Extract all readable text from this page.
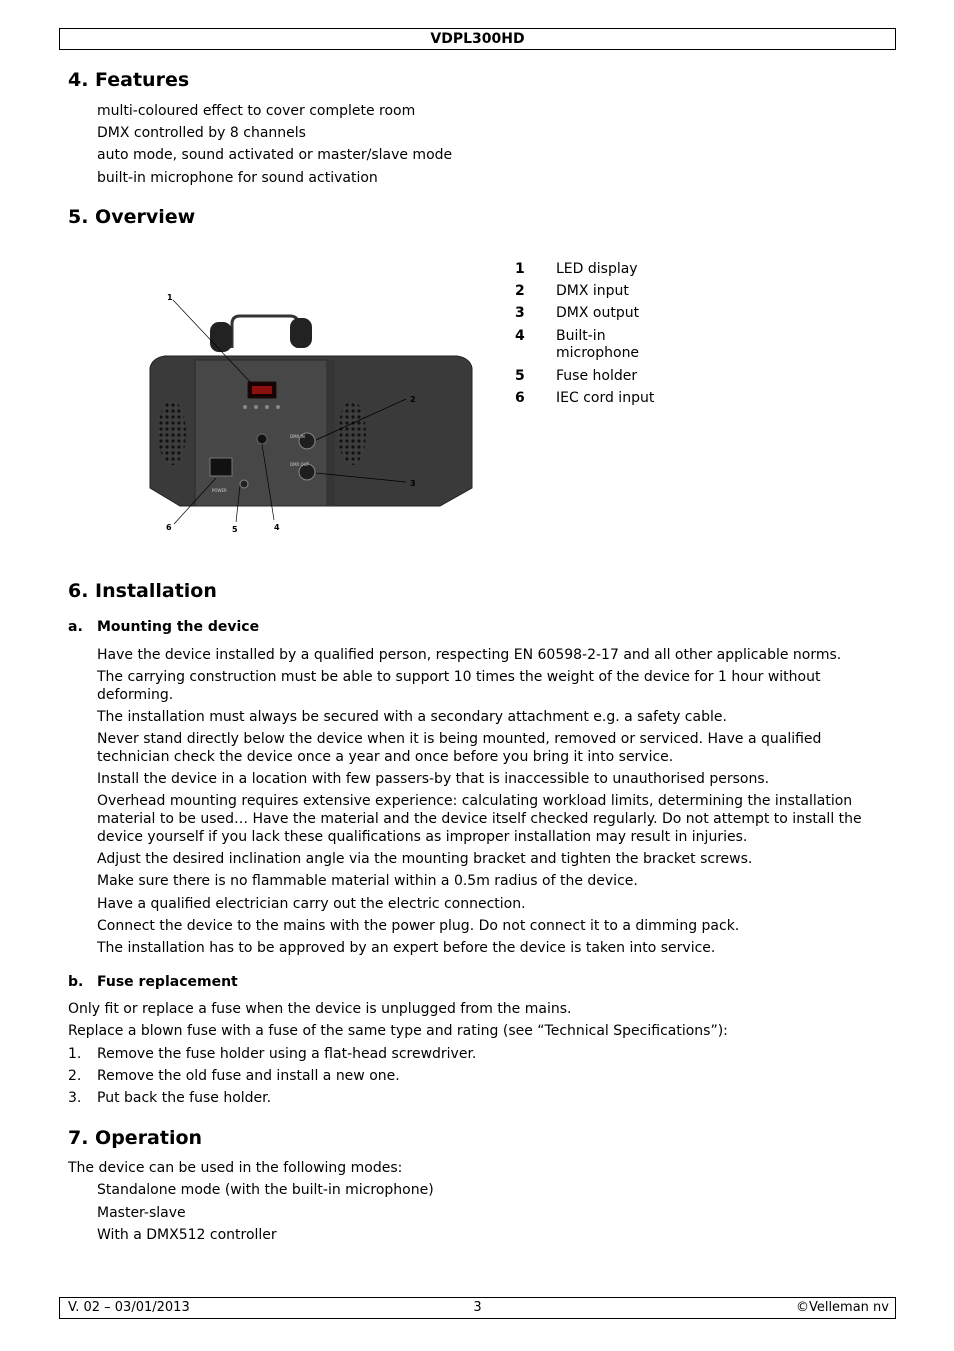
VDPL300HD
4. Features
multi-coloured effect to cover complete room
DMX controlled by 8 channels
auto mode, sound activated or master/slave mode
built-in microphone for sound activation
5. Overview
DMX IN
DMX OUT
POWER
1
2
3
4
5
6
1 LED display
2 DMX input
3 DMX output
4 Built-in microphone
5 Fuse holder
6 IEC cord input
6. Installation
a. Mounting the device
Have the device installed by a qualified person, respecting EN 60598-2-17 and all other applicable norms.
The carrying construction must be able to support 10 times the weight of the device for 1 hour without deforming.
The installation must always be secured with a secondary attachment e.g. a safety cable.
Never stand directly below the device when it is being mounted, removed or serviced. Have a qualified technician check the device once a year and once before you bring it into service.
Install the device in a location with few passers-by that is inaccessible to unauthorised persons.
Overhead mounting requires extensive experience: calculating workload limits, determining the installation material to be used… Have the material and the device itself checked regularly. Do not attempt to install the device yourself if you lack these qualifications as improper installation may result in injuries.
Adjust the desired inclination angle via the mounting bracket and tighten the bracket screws.
Make sure there is no flammable material within a 0.5m radius of the device.
Have a qualified electrician carry out the electric connection.
Connect the device to the mains with the power plug. Do not connect it to a dimming pack.
The installation has to be approved by an expert before the device is taken into service.
b. Fuse replacement
Only fit or replace a fuse when the device is unplugged from the mains.
Replace a blown fuse with a fuse of the same type and rating (see “Technical Specifications”):
1. Remove the fuse holder using a flat-head screwdriver.
2. Remove the old fuse and install a new one.
3. Put back the fuse holder.
7. Operation
The device can be used in the following modes:
Standalone mode (with the built-in microphone)
Master-slave
With a DMX512 controller
V. 02 – 03/01/2013	3	©Velleman nv
